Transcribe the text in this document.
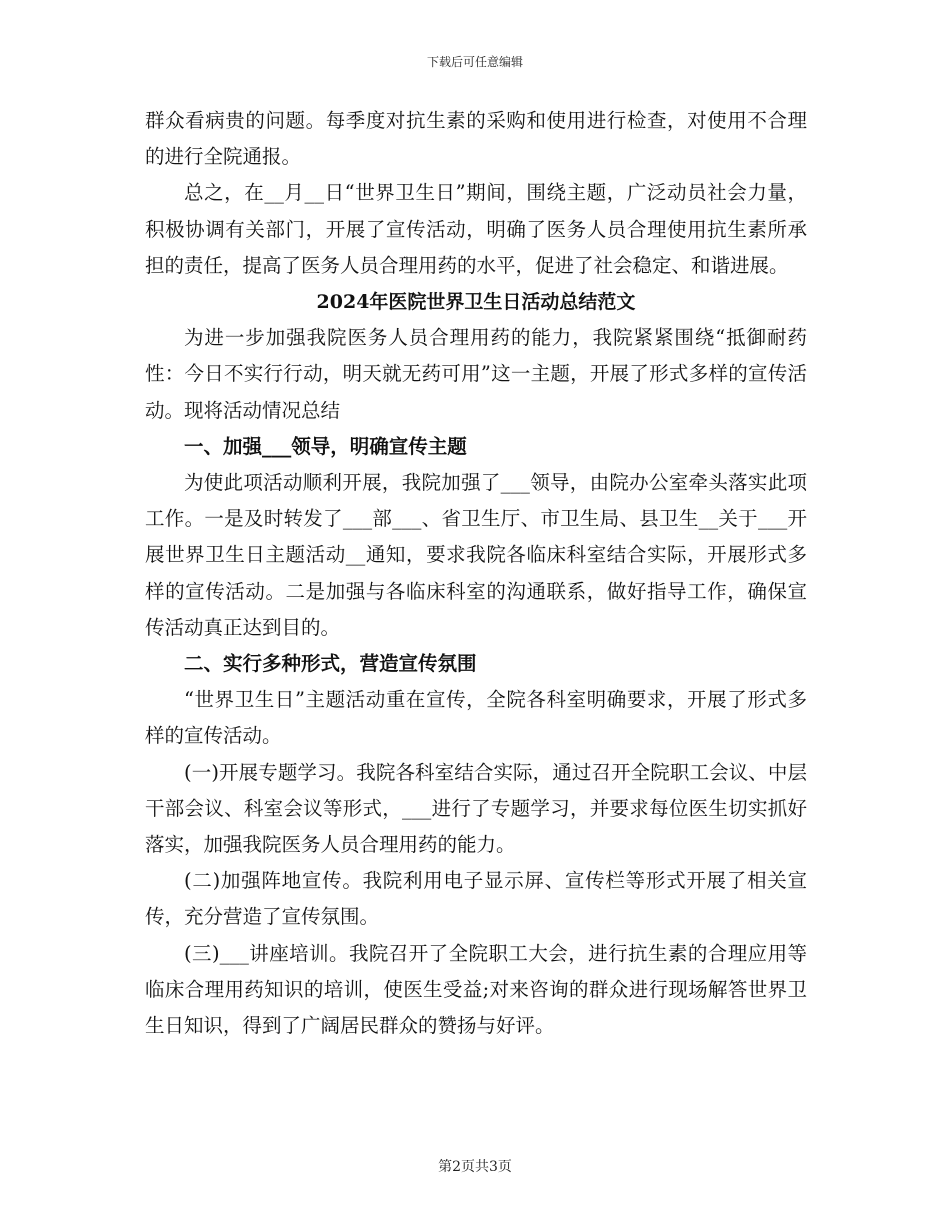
下载后可任意编辑

群众看病贵的问题。每季度对抗生素的采购和使用进行检查，对使用不合理的进行全院通报。

总之，在__月__日“世界卫生日”期间，围绕主题，广泛动员社会力量，积极协调有关部门，开展了宣传活动，明确了医务人员合理使用抗生素所承担的责任，提高了医务人员合理用药的水平，促进了社会稳定、和谐进展。

2024年医院世界卫生日活动总结范文

为进一步加强我院医务人员合理用药的能力，我院紧紧围绕“抵御耐药性：今日不实行行动，明天就无药可用”这一主题，开展了形式多样的宣传活动。现将活动情况总结

一、加强___领导，明确宣传主题

为使此项活动顺利开展，我院加强了___领导，由院办公室牵头落实此项工作。一是及时转发了___部___、省卫生厅、市卫生局、县卫生__关于___开展世界卫生日主题活动__通知，要求我院各临床科室结合实际，开展形式多样的宣传活动。二是加强与各临床科室的沟通联系，做好指导工作，确保宣传活动真正达到目的。

二、实行多种形式，营造宣传氛围

“世界卫生日”主题活动重在宣传，全院各科室明确要求，开展了形式多样的宣传活动。

(一)开展专题学习。我院各科室结合实际，通过召开全院职工会议、中层干部会议、科室会议等形式，___进行了专题学习，并要求每位医生切实抓好落实，加强我院医务人员合理用药的能力。

(二)加强阵地宣传。我院利用电子显示屏、宣传栏等形式开展了相关宣传，充分营造了宣传氛围。

(三)___讲座培训。我院召开了全院职工大会，进行抗生素的合理应用等临床合理用药知识的培训，使医生受益;对来咨询的群众进行现场解答世界卫生日知识，得到了广阔居民群众的赞扬与好评。

第2页共3页
